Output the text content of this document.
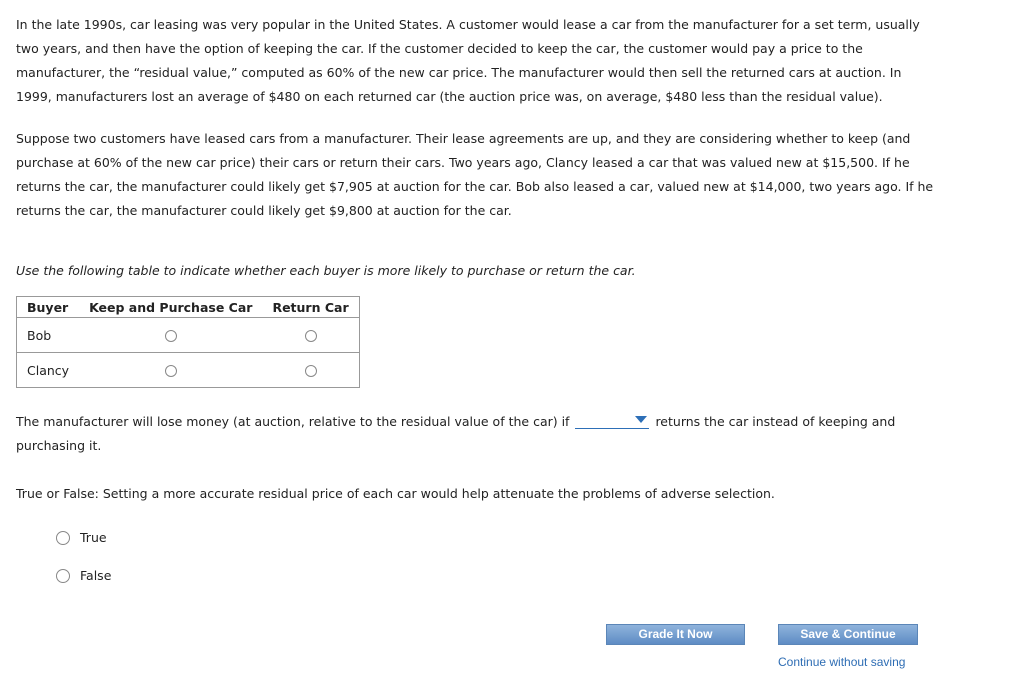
In the late 1990s, car leasing was very popular in the United States. A customer would lease a car from the manufacturer for a set term, usually two years, and then have the option of keeping the car. If the customer decided to keep the car, the customer would pay a price to the manufacturer, the “residual value,” computed as 60% of the new car price. The manufacturer would then sell the returned cars at auction. In 1999, manufacturers lost an average of $480 on each returned car (the auction price was, on average, $480 less than the residual value).

Suppose two customers have leased cars from a manufacturer. Their lease agreements are up, and they are considering whether to keep (and purchase at 60% of the new car price) their cars or return their cars. Two years ago, Clancy leased a car that was valued new at $15,500. If he returns the car, the manufacturer could likely get $7,905 at auction for the car. Bob also leased a car, valued new at $14,000, two years ago. If he returns the car, the manufacturer could likely get $9,800 at auction for the car.

Use the following table to indicate whether each buyer is more likely to purchase or return the car.

Buyer	Keep and Purchase Car	Return Car
Bob		
Clancy		

The manufacturer will lose money (at auction, relative to the residual value of the car) if	returns the car instead of keeping and purchasing it.

True or False: Setting a more accurate residual price of each car would help attenuate the problems of adverse selection.

True
False
Grade It Now	Save & Continue
Continue without saving
